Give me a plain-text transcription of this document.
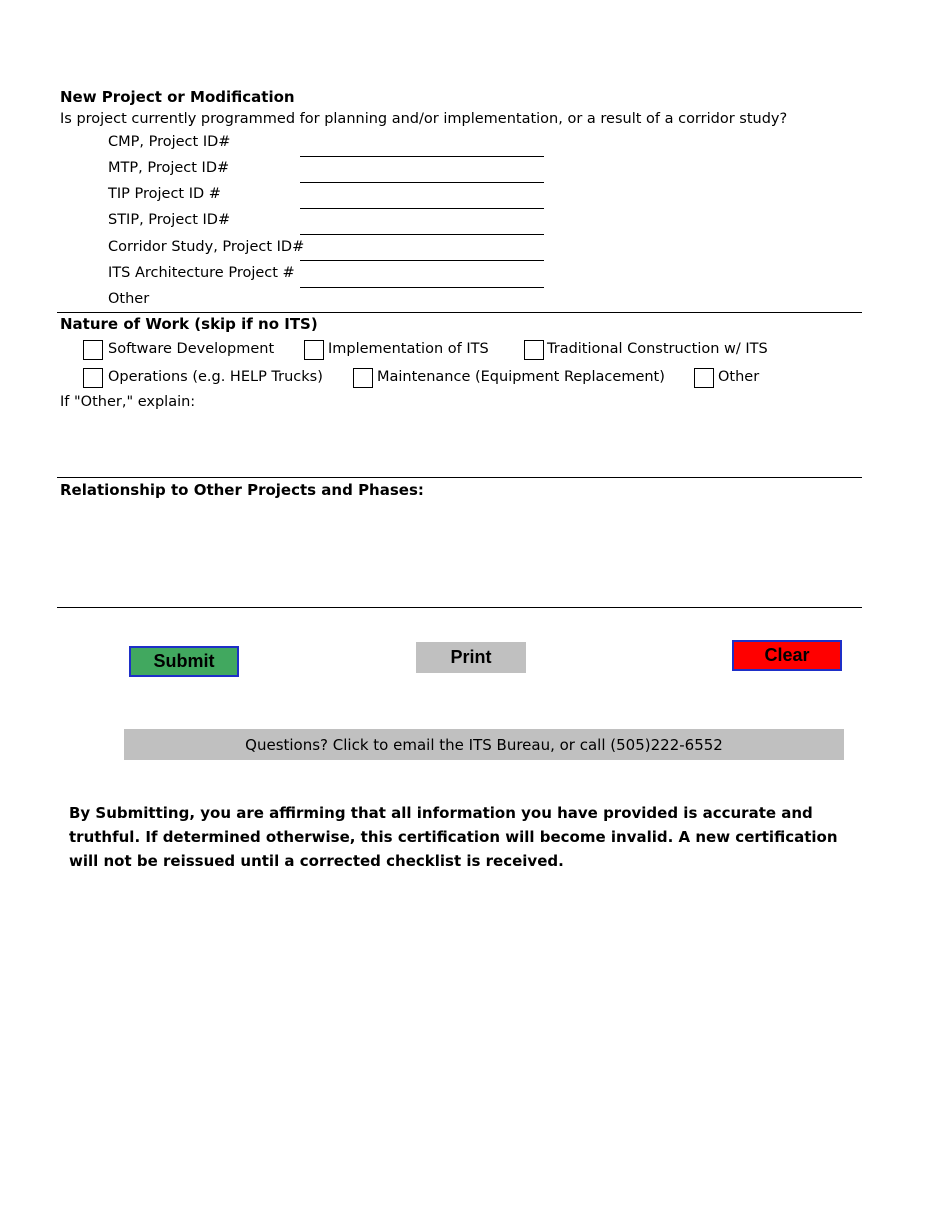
New Project or Modification
Is project currently programmed for planning and/or implementation, or a result of a corridor study?
CMP, Project ID#
MTP, Project ID#
TIP Project ID #
STIP, Project ID#
Corridor Study, Project ID#
ITS Architecture Project #
Other
Nature of Work (skip if no ITS)
Software Development	Implementation of ITS	Traditional Construction w/ ITS
Operations (e.g. HELP Trucks)	Maintenance (Equipment Replacement)	Other
If "Other," explain:
Relationship to Other Projects and Phases:
Submit	Print	Clear
Questions? Click to email the ITS Bureau, or call (505)222-6552
By Submitting, you are affirming that all information you have provided is accurate and truthful. If determined otherwise, this certification will become invalid. A new certification will not be reissued until a corrected checklist is received.
